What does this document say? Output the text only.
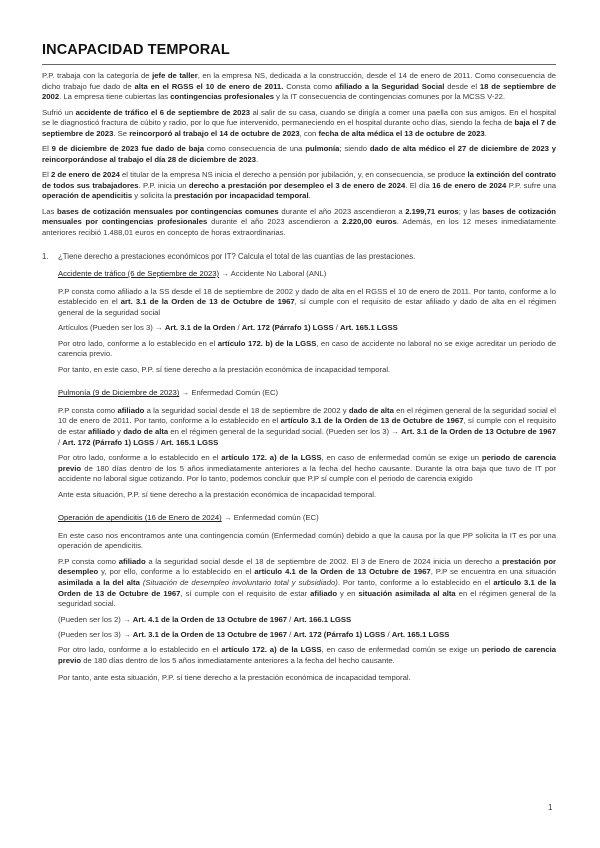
INCAPACIDAD TEMPORAL

P.P. trabaja con la categoría de jefe de taller, en la empresa NS, dedicada a la construcción, desde el 14 de enero de 2011. Como consecuencia de dicho trabajo fue dado de alta en el RGSS el 10 de enero de 2011. Consta como afiliado a la Seguridad Social desde el 18 de septiembre de 2002. La empresa tiene cubiertas las contingencias profesionales y la IT consecuencia de contingencias comunes por la MCSS V-22.

Sufrió un accidente de tráfico el 6 de septiembre de 2023 al salir de su casa, cuando se dirigía a comer una paella con sus amigos. En el hospital se le diagnosticó fractura de cúbito y radio, por lo que fue intervenido, permaneciendo en el hospital durante ocho días, siendo la fecha de baja el 7 de septiembre de 2023. Se reincorporó al trabajo el 14 de octubre de 2023, con fecha de alta médica el 13 de octubre de 2023.

El 9 de diciembre de 2023 fue dado de baja como consecuencia de una pulmonía; siendo dado de alta médico el 27 de diciembre de 2023 y reincorporándose al trabajo el día 28 de diciembre de 2023.

El 2 de enero de 2024 el titular de la empresa NS inicia el derecho a pensión por jubilación, y, en consecuencia, se produce la extinción del contrato de todos sus trabajadores. P.P. inicia un derecho a prestación por desempleo el 3 de enero de 2024. El día 16 de enero de 2024 P.P. sufre una operación de apendicitis y solicita la prestación por incapacidad temporal.

Las bases de cotización mensuales por contingencias comunes durante el año 2023 ascendieron a 2.199,71 euros; y las bases de cotización mensuales por contingencias profesionales durante el año 2023 ascendieron a 2.220,00 euros. Además, en los 12 meses inmediatamente anteriores recibió 1.488,01 euros en concepto de horas extraordinarias.

1. ¿Tiene derecho a prestaciones económicos por IT? Calcula el total de las cuantías de las prestaciones.

Accidente de tráfico (6 de Septiembre de 2023) → Accidente No Laboral (ANL)

P.P consta como afiliado a la SS desde el 18 de septiembre de 2002 y dado de alta en el RGSS el 10 de enero de 2011. Por tanto, conforme a lo establecido en el art. 3.1 de la Orden de 13 de Octubre de 1967, sí cumple con el requisito de estar afiliado y dado de alta en el régimen general de la seguridad social

Artículos (Pueden ser los 3) → Art. 3.1 de la Orden / Art. 172 (Párrafo 1) LGSS / Art. 165.1 LGSS

Por otro lado, conforme a lo establecido en el artículo 172. b) de la LGSS, en caso de accidente no laboral no se exige acreditar un periodo de carencia previo.

Por tanto, en este caso, P.P. sí tiene derecho a la prestación económica de incapacidad temporal.

Pulmonía (9 de Diciembre de 2023) → Enfermedad Común (EC)

P.P consta como afiliado a la seguridad social desde el 18 de septiembre de 2002 y dado de alta en el régimen general de la seguridad social el 10 de enero de 2011. Por tanto, conforme a lo establecido en el artículo 3.1 de la Orden de 13 de Octubre de 1967, sí cumple con el requisito de estar afiliado y dado de alta en el régimen general de la seguridad social. (Pueden ser los 3) → Art. 3.1 de la Orden de 13 Octubre de 1967 / Art. 172 (Párrafo 1) LGSS / Art. 165.1 LGSS

Por otro lado, conforme a lo establecido en el artículo 172. a) de la LGSS, en caso de enfermedad común se exige un periodo de carencia previo de 180 días dentro de los 5 años inmediatamente anteriores a la fecha del hecho causante. Durante la otra baja que tuvo de IT por accidente no laboral sigue cotizando. Por lo tanto, podemos concluir que P.P sí cumple con el periodo de carencia exigido

Ante esta situación, P.P. sí tiene derecho a la prestación económica de incapacidad temporal.

Operación de apendicitis (16 de Enero de 2024) → Enfermedad común (EC)

En este caso nos encontramos ante una contingencia común (Enfermedad común) debido a que la causa por la que PP solicita la IT es por una operación de apendicitis.

P.P consta como afiliado a la seguridad social desde el 18 de septiembre de 2002. El 3 de Enero de 2024 inicia un derecho a prestación por desempleo y, por ello, conforme a lo establecido en el artículo 4.1 de la Orden de 13 Octubre de 1967, P.P se encuentra en una situación asimilada a la del alta (Situación de desempleo involuntario total y subsidiado). Por tanto, conforme a lo establecido en el artículo 3.1 de la Orden de 13 de Octubre de 1967, sí cumple con el requisito de estar afiliado y en situación asimilada al alta en el régimen general de la seguridad social.

(Pueden ser los 2) → Art. 4.1 de la Orden de 13 Octubre de 1967 / Art. 166.1 LGSS

(Pueden ser los 3) → Art. 3.1 de la Orden de 13 Octubre de 1967 / Art. 172 (Párrafo 1) LGSS / Art. 165.1 LGSS

Por otro lado, conforme a lo establecido en el artículo 172. a) de la LGSS, en caso de enfermedad común se exige un periodo de carencia previo de 180 días dentro de los 5 años inmediatamente anteriores a la fecha del hecho causante.

Por tanto, ante esta situación, P.P. sí tiene derecho a la prestación económica de incapacidad temporal.

1
